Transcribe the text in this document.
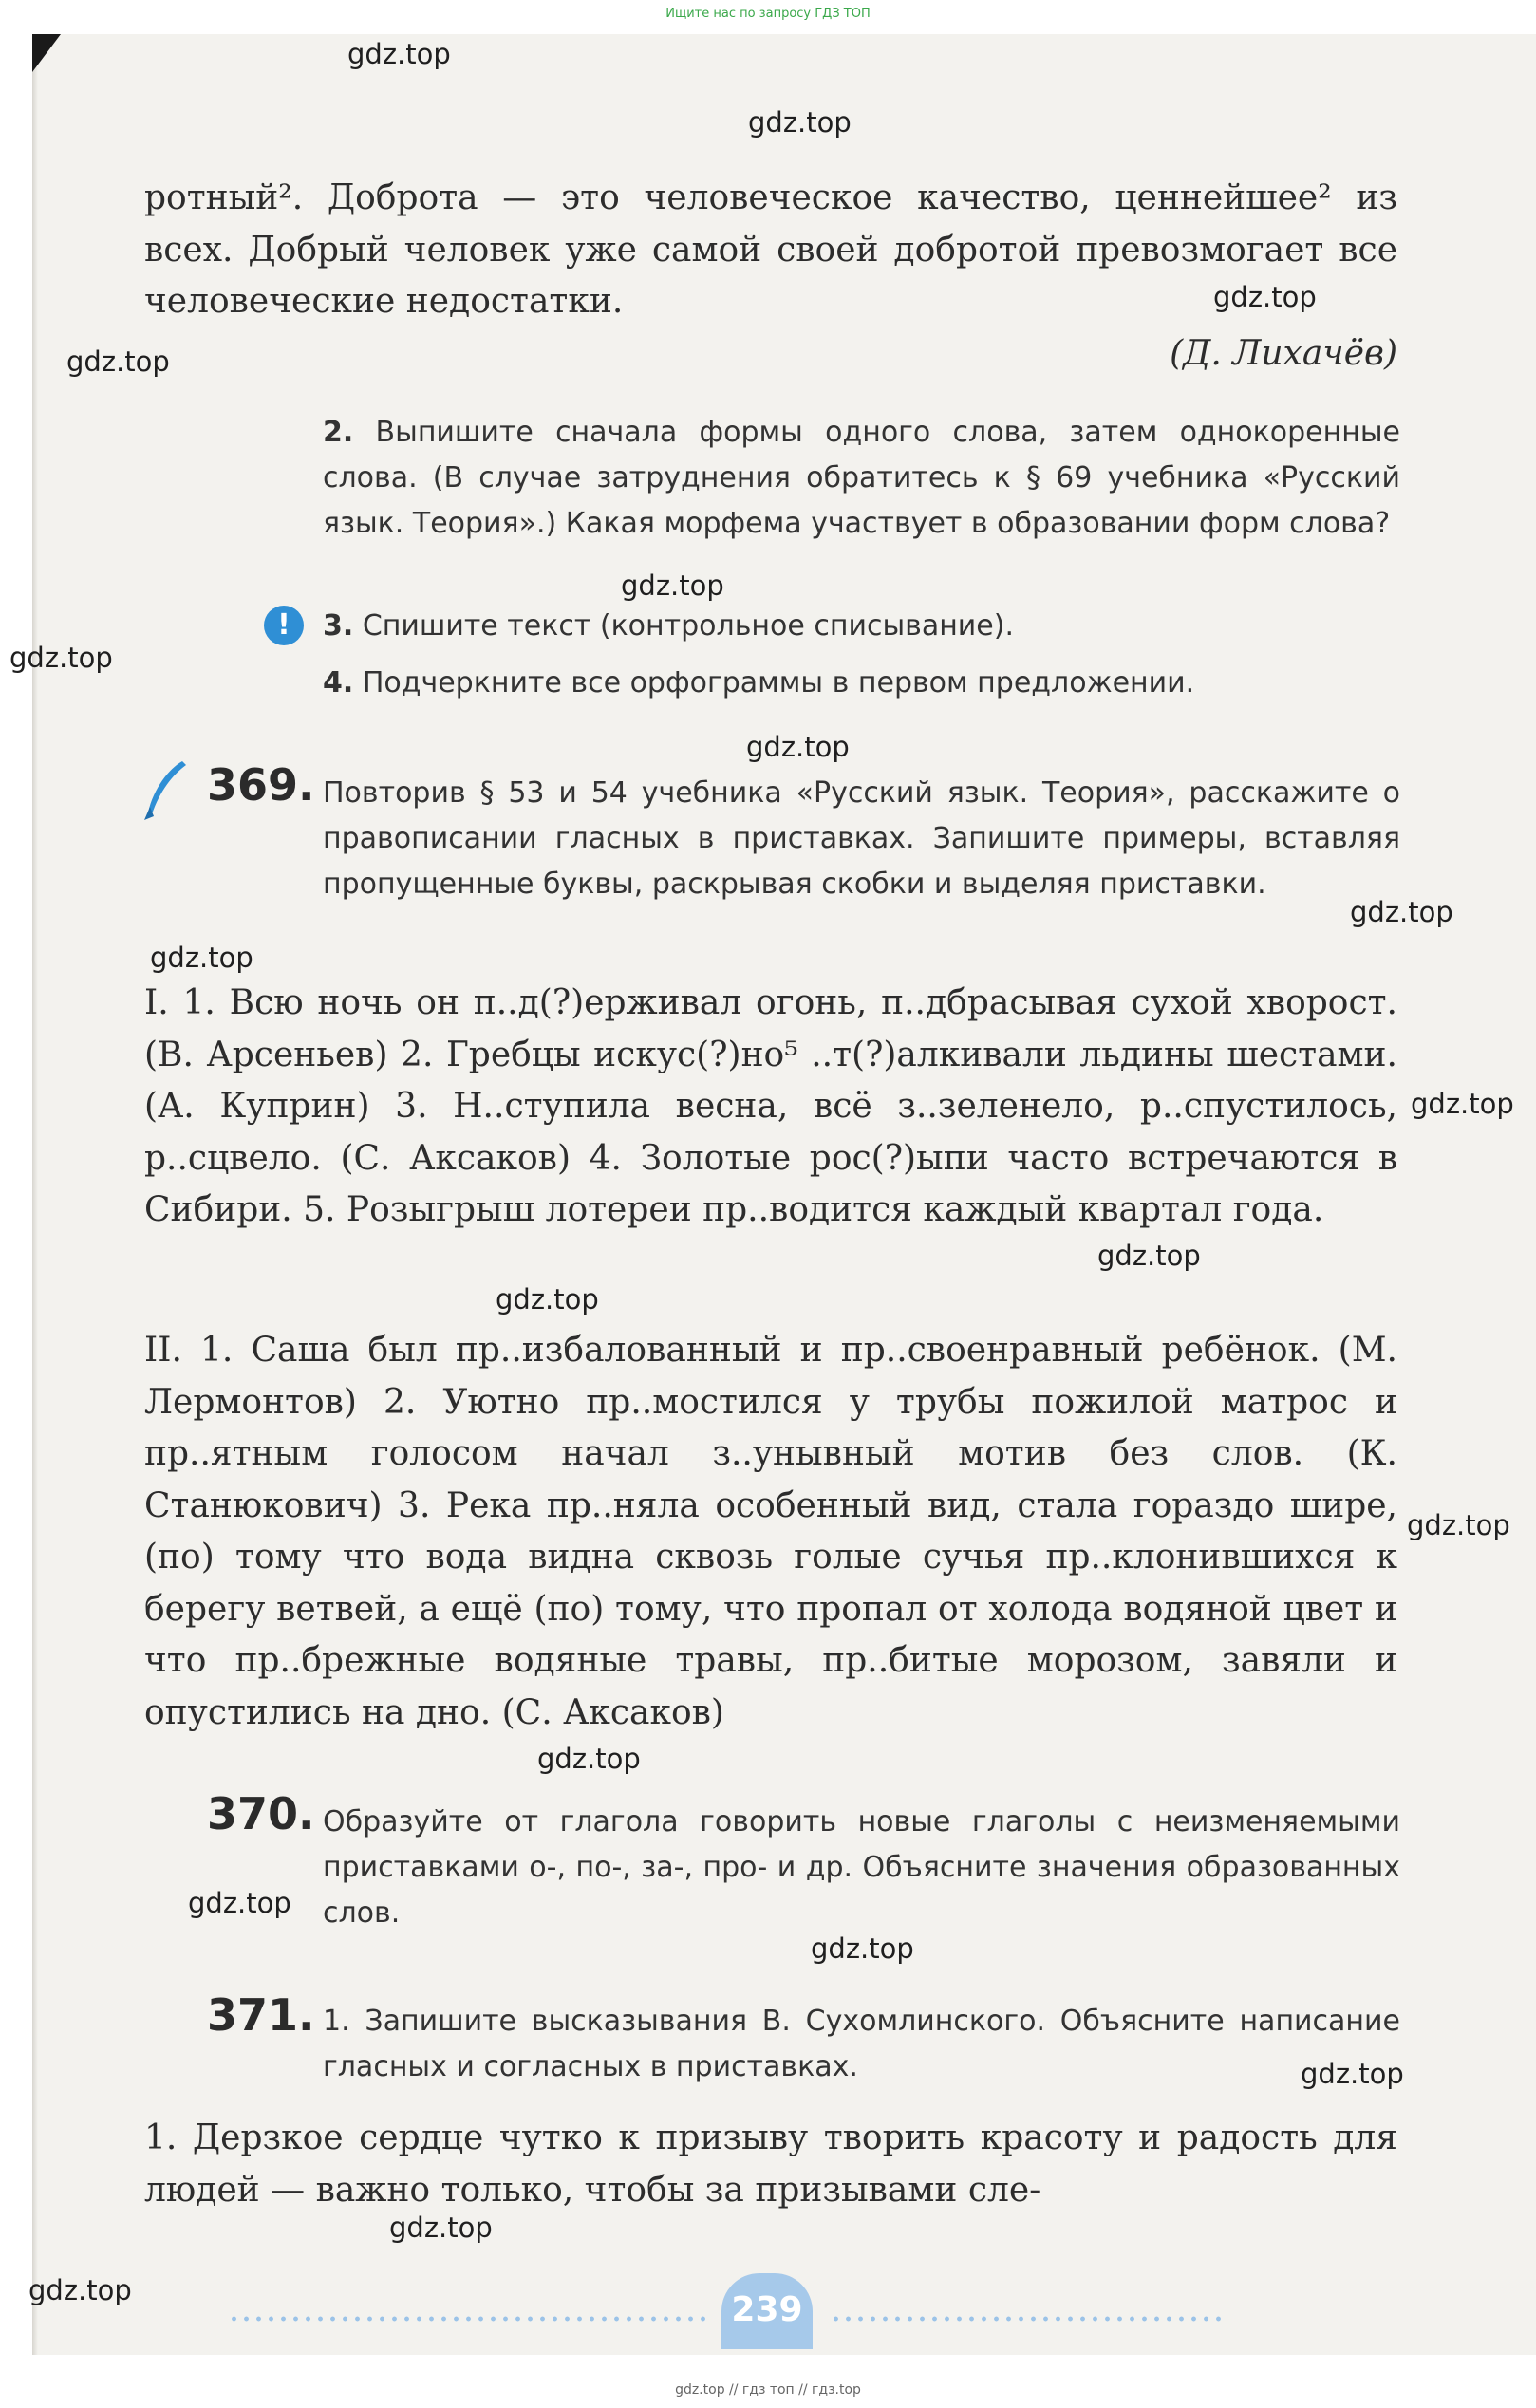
Ищите нас по запросу ГДЗ ТОП

ротный². Доброта — это человеческое качество, ценнейшее² из всех. Добрый человек уже самой своей добротой превозмогает все человеческие недостатки.

(Д. Лихачёв)

2. Выпишите сначала формы одного слова, затем однокоренные слова. (В случае затруднения обратитесь к § 69 учебника «Русский язык. Теория».) Какая морфема участвует в образовании форм слова?
!	3. Спишите текст (контрольное списывание).
4. Подчеркните все орфограммы в первом предложении.
369. Повторив § 53 и 54 учебника «Русский язык. Теория», расскажите о правописании гласных в приставках. Запишите примеры, вставляя пропущенные буквы, раскрывая скобки и выделяя приставки.

I. 1. Всю ночь он п..д(?)ерживал огонь, п..дбрасывая сухой хворост. (В. Арсеньев) 2. Гребцы искус(?)но⁵ ..т(?)алкивали льдины шестами. (А. Куприн) 3. Н..ступила весна, всё з..зеленело, р..спустилось, р..сцвело. (С. Аксаков) 4. Золотые рос(?)ыпи часто встречаются в Сибири. 5. Розыгрыш лотереи пр..водится каждый квартал года.

II. 1. Саша был пр..избалованный и пр..своенравный ребёнок. (М. Лермонтов) 2. Уютно пр..мостился у трубы пожилой матрос и пр..ятным голосом начал з..унывный мотив без слов. (К. Станюкович) 3. Река пр..няла особенный вид, стала гораздо шире, (по) тому что вода видна сквозь голые сучья пр..клонившихся к берегу ветвей, а ещё (по) тому, что пропал от холода водяной цвет и что пр..брежные водяные травы, пр..битые морозом, завяли и опустились на дно. (С. Аксаков)

370. Образуйте от глагола говорить новые глаголы с неизменяемыми приставками о-, по-, за-, про- и др. Объясните значения образованных слов.
371. 1. Запишите высказывания В. Сухомлинского. Объясните написание гласных и согласных в приставках.

1. Дерзкое сердце чутко к призыву творить красоту и радость для людей — важно только, чтобы за призывами сле-

239
gdz.top
gdz.top
gdz.top
gdz.top
gdz.top
gdz.top
gdz.top
gdz.top
gdz.top
gdz.top
gdz.top
gdz.top
gdz.top
gdz.top
gdz.top
gdz.top
gdz.top
gdz.top
gdz.top
gdz.top // гдз топ // гдз.top
